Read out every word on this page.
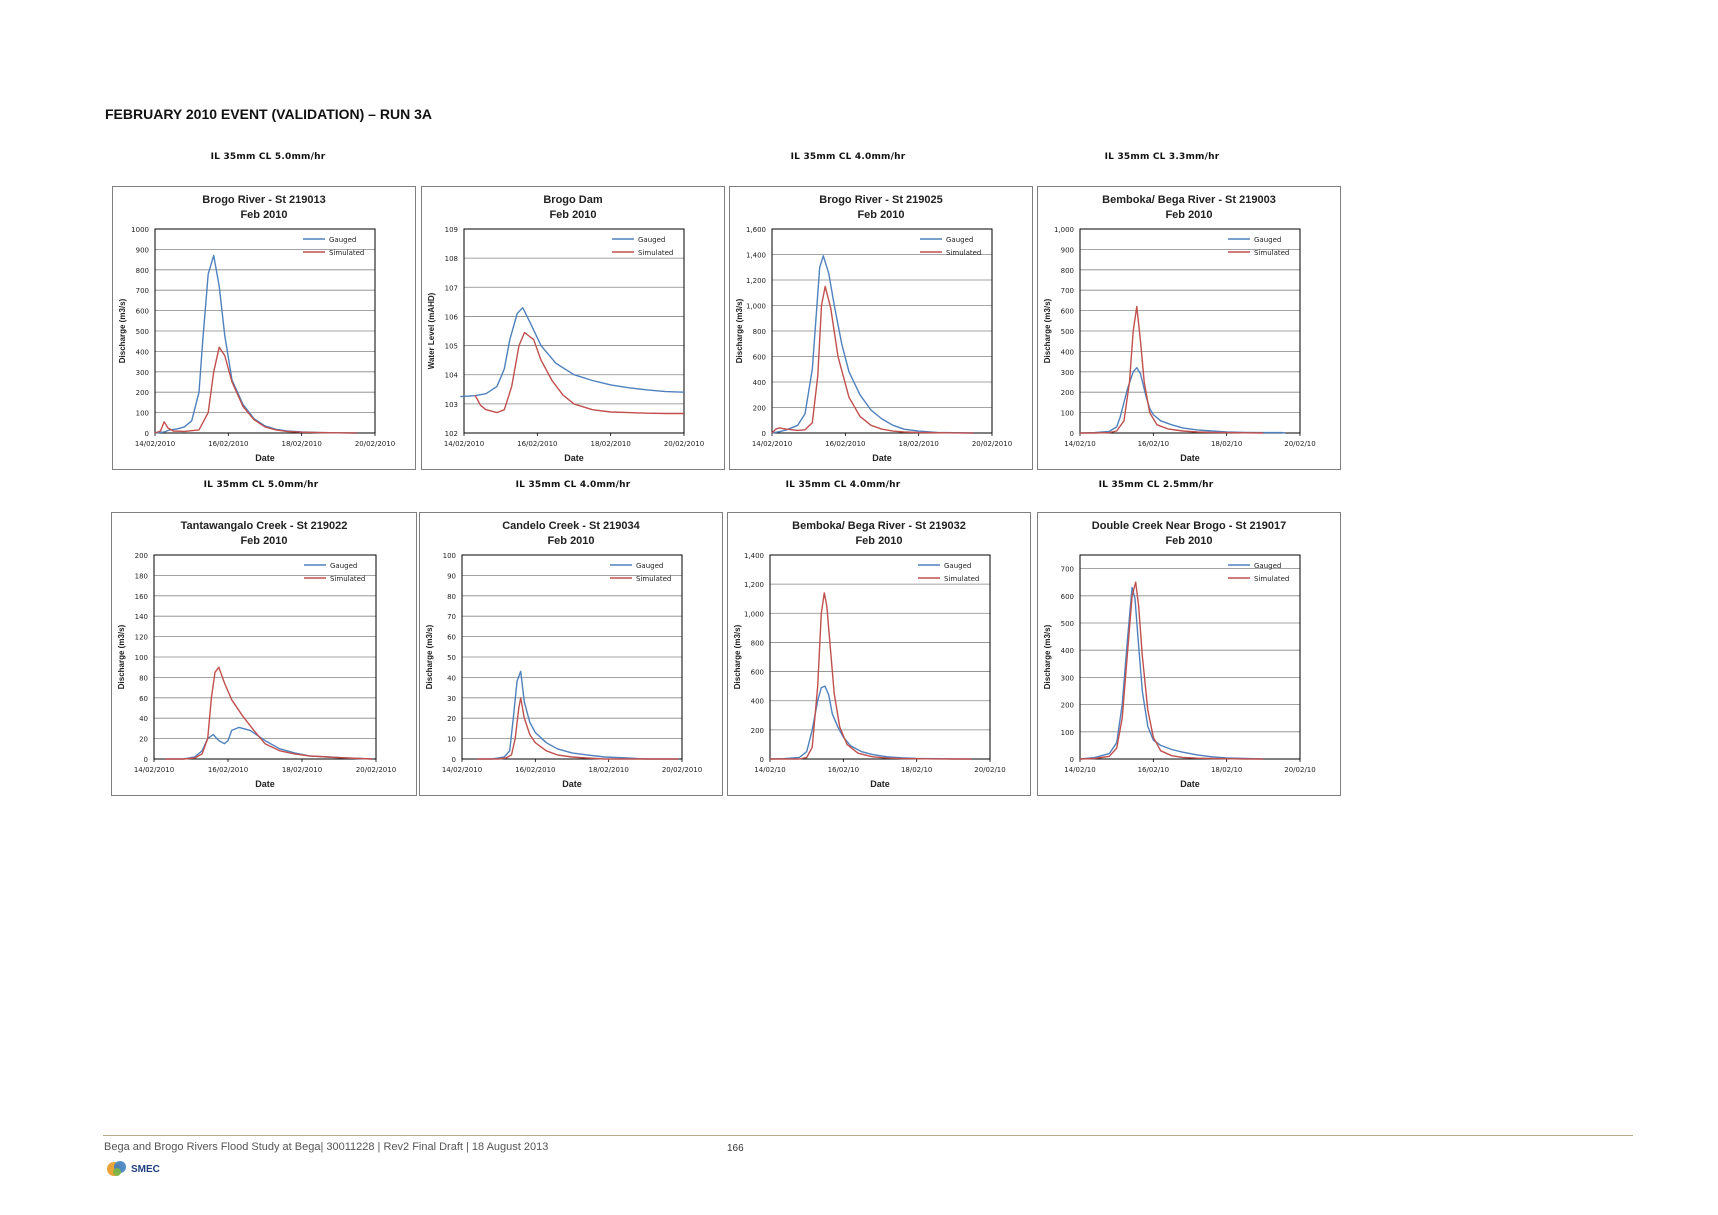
FEBRUARY 2010 EVENT (VALIDATION) – RUN 3A
IL 35mm CL 5.0mm/hr	IL 35mm CL 4.0mm/hr	IL 35mm CL 3.3mm/hr
IL 35mm CL 5.0mm/hr	IL 35mm CL 4.0mm/hr	IL 35mm CL 4.0mm/hr	IL 35mm CL 2.5mm/hr
Brogo River - St 219013
Feb 2010
0
100
200
300
400
500
600
700
800
900
1000
14/02/2010	16/02/2010	18/02/2010	20/02/2010
Date
Discharge (m3/s)
Gauged
Simulated
Brogo Dam
Feb 2010
102
103
104
105
106
107
108
109
14/02/2010	16/02/2010	18/02/2010	20/02/2010
Date
Water Level (mAHD)
Gauged
Simulated
Brogo River - St 219025
Feb 2010
0
200
400
600
800
1,000
1,200
1,400
1,600
14/02/2010	16/02/2010	18/02/2010	20/02/2010
Date
Discharge (m3/s)
Gauged
Simulated
Bemboka/ Bega River - St 219003
Feb 2010
0
100
200
300
400
500
600
700
800
900
1,000
14/02/10	16/02/10	18/02/10	20/02/10
Date
Discharge (m3/s)
Gauged
Simulated
Tantawangalo Creek - St 219022
Feb 2010
0
20
40
60
80
100
120
140
160
180
200
14/02/2010	16/02/2010	18/02/2010	20/02/2010
Date
Discharge (m3/s)
Gauged
Simulated
Candelo Creek - St 219034
Feb 2010
0
10
20
30
40
50
60
70
80
90
100
14/02/2010	16/02/2010	18/02/2010	20/02/2010
Date
Discharge (m3/s)
Gauged
Simulated
Bemboka/ Bega River - St 219032
Feb 2010
0
200
400
600
800
1,000
1,200
1,400
14/02/10	16/02/10	18/02/10	20/02/10
Date
Discharge (m3/s)
Gauged
Simulated
Double Creek Near Brogo - St 219017
Feb 2010
0
100
200
300
400
500
600
700
14/02/10	16/02/10	18/02/10	20/02/10
Date
Discharge (m3/s)
Gauged
Simulated
Bega and Brogo Rivers Flood Study at Bega| 30011228 | Rev2 Final Draft | 18 August 2013	166
SMEC
